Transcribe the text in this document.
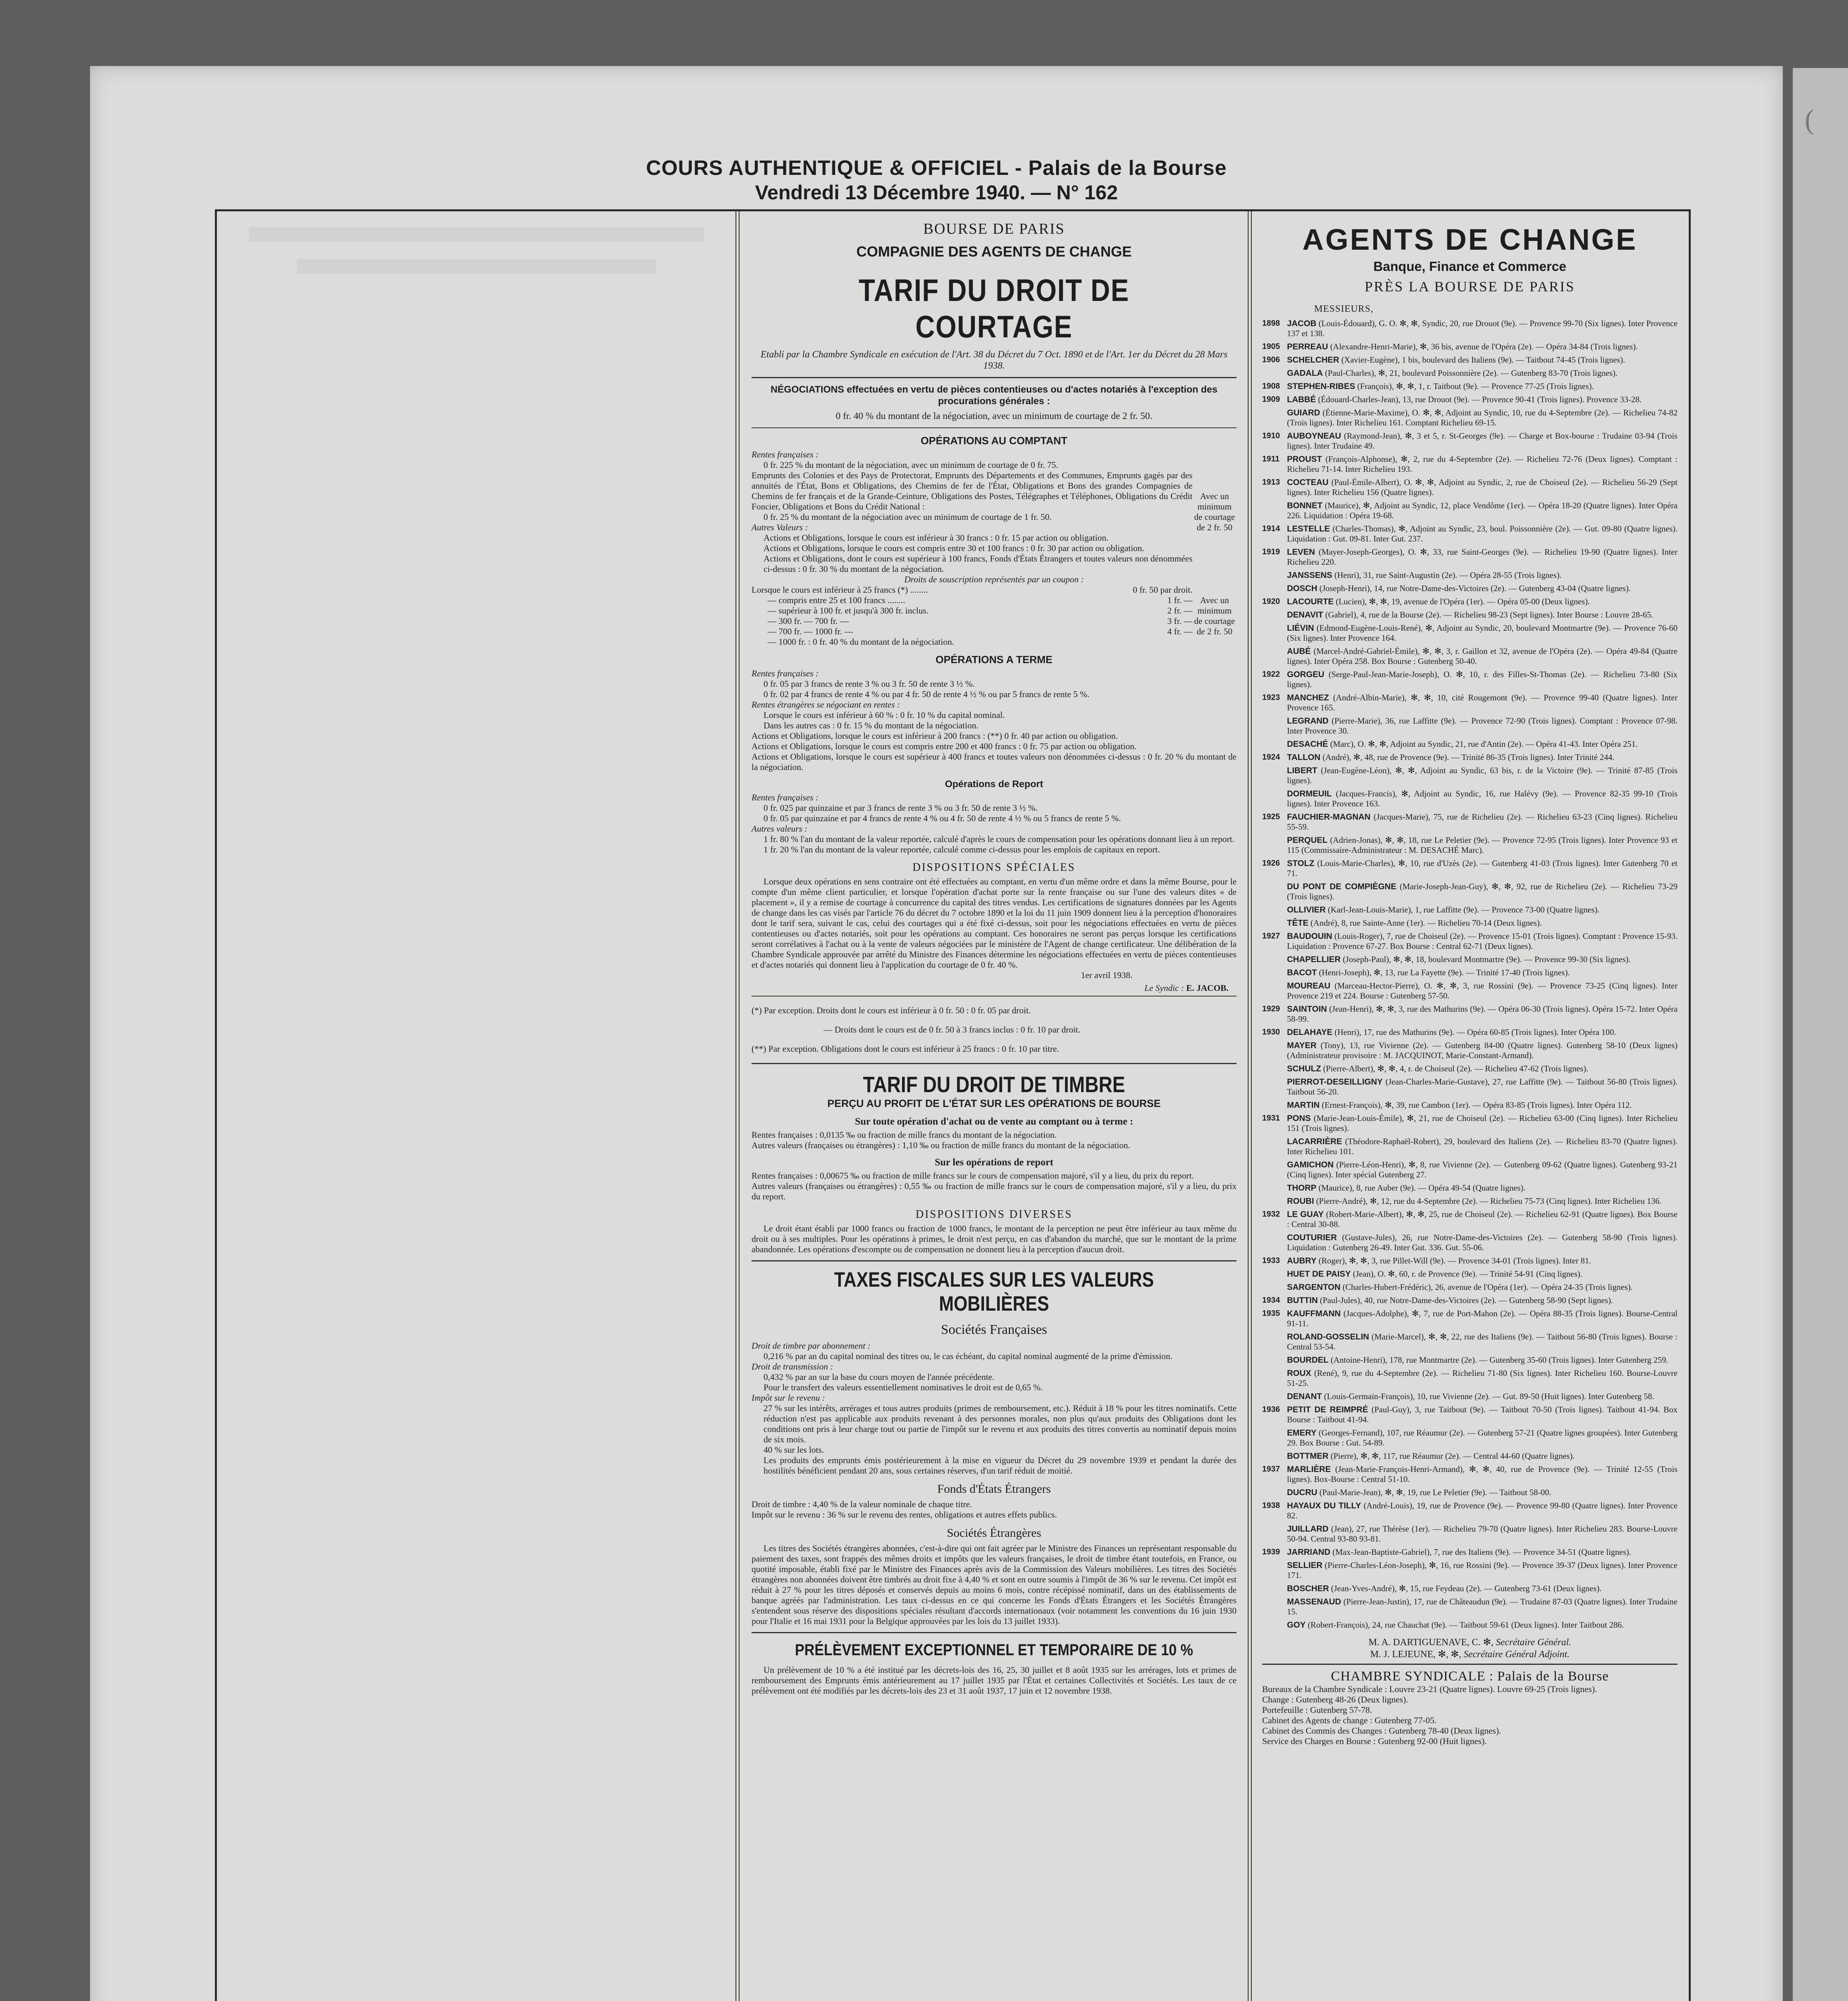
(
COURS AUTHENTIQUE & OFFICIEL - Palais de la Bourse
Vendredi 13 Décembre 1940. — N° 162
BOURSE DE PARIS
COMPAGNIE DES AGENTS DE CHANGE
TARIF DU DROIT DE COURTAGE
Etabli par la Chambre Syndicale en exécution de l'Art. 38 du Décret du 7 Oct. 1890 et de l'Art. 1er du Décret du 28 Mars 1938.
NÉGOCIATIONS effectuées en vertu de pièces contentieuses ou d'actes notariés à l'exception des procurations générales :
0 fr. 40 % du montant de la négociation, avec un minimum de courtage de 2 fr. 50.
OPÉRATIONS AU COMPTANT

Rentes françaises :

0 fr. 225 % du montant de la négociation, avec un minimum de courtage de 0 fr. 75.

Emprunts des Colonies et des Pays de Protectorat, Emprunts des Départements et des Communes, Emprunts gagés par des annuités de l'État, Bons et Obligations, des Chemins de fer de l'État, Obligations et Bons des grandes Compagnies de Chemins de fer français et de la Grande-Ceinture, Obligations des Postes, Télégraphes et Téléphones, Obligations du Crédit Foncier, Obligations et Bons du Crédit National :

0 fr. 25 % du montant de la négociation avec un minimum de courtage de 1 fr. 50.

Autres Valeurs :

Actions et Obligations, lorsque le cours est inférieur à 30 francs : 0 fr. 15 par action ou obligation.

Actions et Obligations, lorsque le cours est compris entre 30 et 100 francs : 0 fr. 30 par action ou obligation.

Actions et Obligations, dont le cours est supérieur à 100 francs, Fonds d'États Étrangers et toutes valeurs non dénommées ci-dessus : 0 fr. 30 % du montant de la négociation.

Avec un minimum de courtage de 2 fr. 50

Droits de souscription représentés par un coupon :

Lorsque le cours est inférieur à 25 francs (*) ........	0 fr. 50 par droit.
— compris entre 25 et 100 francs ........	1 fr. —
— supérieur à 100 fr. et jusqu'à 300 fr. inclus.	2 fr. —
— 300 fr. — 700 fr. —	3 fr. —
— 700 fr. — 1000 fr. —	4 fr. —
— 1000 fr. : 0 fr. 40 % du montant de la négociation.
Avec un minimum de courtage de 2 fr. 50
OPÉRATIONS A TERME

Rentes françaises :

0 fr. 05 par 3 francs de rente 3 % ou 3 fr. 50 de rente 3 ½ %.

0 fr. 02 par 4 francs de rente 4 % ou par 4 fr. 50 de rente 4 ½ % ou par 5 francs de rente 5 %.

Rentes étrangères se négociant en rentes :

Lorsque le cours est inférieur à 60 % : 0 fr. 10 % du capital nominal.

Dans les autres cas : 0 fr. 15 % du montant de la négociation.

Actions et Obligations, lorsque le cours est inférieur à 200 francs : (**) 0 fr. 40 par action ou obligation.

Actions et Obligations, lorsque le cours est compris entre 200 et 400 francs : 0 fr. 75 par action ou obligation.

Actions et Obligations, lorsque le cours est supérieur à 400 francs et toutes valeurs non dénommées ci-dessus : 0 fr. 20 % du montant de la négociation.

Opérations de Report

Rentes françaises :

0 fr. 025 par quinzaine et par 3 francs de rente 3 % ou 3 fr. 50 de rente 3 ½ %.

0 fr. 05 par quinzaine et par 4 francs de rente 4 % ou 4 fr. 50 de rente 4 ½ % ou 5 francs de rente 5 %.

Autres valeurs :

1 fr. 80 % l'an du montant de la valeur reportée, calculé d'après le cours de compensation pour les opérations donnant lieu à un report.

1 fr. 20 % l'an du montant de la valeur reportée, calculé comme ci-dessus pour les emplois de capitaux en report.

DISPOSITIONS SPÉCIALES

Lorsque deux opérations en sens contraire ont été effectuées au comptant, en vertu d'un même ordre et dans la même Bourse, pour le compte d'un même client particulier, et lorsque l'opération d'achat porte sur la rente française ou sur l'une des valeurs dites « de placement », il y a remise de courtage à concurrence du capital des titres vendus. Les certifications de signatures données par les Agents de change dans les cas visés par l'article 76 du décret du 7 octobre 1890 et la loi du 11 juin 1909 donnent lieu à la perception d'honoraires dont le tarif sera, suivant le cas, celui des courtages qui a été fixé ci-dessus, soit pour les négociations effectuées en vertu de pièces contentieuses ou d'actes notariés, soit pour les opérations au comptant. Ces honoraires ne seront pas perçus lorsque les certifications seront corrélatives à l'achat ou à la vente de valeurs négociées par le ministère de l'Agent de change certificateur. Une délibération de la Chambre Syndicale approuvée par arrêté du Ministre des Finances détermine les négociations effectuées en vertu de pièces contentieuses et d'actes notariés qui donnent lieu à l'application du courtage de 0 fr. 40 %.

1er avril 1938.
Le Syndic : E. JACOB.

(*) Par exception. Droits dont le cours est inférieur à 0 fr. 50 : 0 fr. 05 par droit.

— Droits dont le cours est de 0 fr. 50 à 3 francs inclus : 0 fr. 10 par droit.

(**) Par exception. Obligations dont le cours est inférieur à 25 francs : 0 fr. 10 par titre.

TARIF DU DROIT DE TIMBRE
PERÇU AU PROFIT DE L'ÉTAT SUR LES OPÉRATIONS DE BOURSE
Sur toute opération d'achat ou de vente au comptant ou à terme :

Rentes françaises : 0,0135 ‰ ou fraction de mille francs du montant de la négociation.

Autres valeurs (françaises ou étrangères) : 1,10 ‰ ou fraction de mille francs du montant de la négociation.

Sur les opérations de report

Rentes françaises : 0,00675 ‰ ou fraction de mille francs sur le cours de compensation majoré, s'il y a lieu, du prix du report.

Autres valeurs (françaises ou étrangères) : 0,55 ‰ ou fraction de mille francs sur le cours de compensation majoré, s'il y a lieu, du prix du report.

DISPOSITIONS DIVERSES

Le droit étant établi par 1000 francs ou fraction de 1000 francs, le montant de la perception ne peut être inférieur au taux même du droit ou à ses multiples. Pour les opérations à primes, le droit n'est perçu, en cas d'abandon du marché, que sur le montant de la prime abandonnée. Les opérations d'escompte ou de compensation ne donnent lieu à la perception d'aucun droit.

TAXES FISCALES SUR LES VALEURS MOBILIÈRES
Sociétés Françaises

Droit de timbre par abonnement :

0,216 % par an du capital nominal des titres ou, le cas échéant, du capital nominal augmenté de la prime d'émission.

Droit de transmission :

0,432 % par an sur la base du cours moyen de l'année précédente.

Pour le transfert des valeurs essentiellement nominatives le droit est de 0,65 %.

Impôt sur le revenu :

27 % sur les intérêts, arrérages et tous autres produits (primes de remboursement, etc.). Réduit à 18 % pour les titres nominatifs. Cette réduction n'est pas applicable aux produits revenant à des personnes morales, non plus qu'aux produits des Obligations dont les conditions ont pris à leur charge tout ou partie de l'impôt sur le revenu et aux produits des titres convertis au nominatif depuis moins de six mois.

40 % sur les lots.

Les produits des emprunts émis postérieurement à la mise en vigueur du Décret du 29 novembre 1939 et pendant la durée des hostilités bénéficient pendant 20 ans, sous certaines réserves, d'un tarif réduit de moitié.

Fonds d'États Étrangers

Droit de timbre : 4,40 % de la valeur nominale de chaque titre.

Impôt sur le revenu : 36 % sur le revenu des rentes, obligations et autres effets publics.

Sociétés Étrangères

Les titres des Sociétés étrangères abonnées, c'est-à-dire qui ont fait agréer par le Ministre des Finances un représentant responsable du paiement des taxes, sont frappés des mêmes droits et impôts que les valeurs françaises, le droit de timbre étant toutefois, en France, ou quotité imposable, établi fixé par le Ministre des Finances après avis de la Commission des Valeurs mobilières. Les titres des Sociétés étrangères non abonnées doivent être timbrés au droit fixe à 4,40 % et sont en outre soumis à l'impôt de 36 % sur le revenu. Cet impôt est réduit à 27 % pour les titres déposés et conservés depuis au moins 6 mois, contre récépissé nominatif, dans un des établissements de banque agréés par l'administration. Les taux ci-dessus en ce qui concerne les Fonds d'États Étrangers et les Sociétés Étrangères s'entendent sous réserve des dispositions spéciales résultant d'accords internationaux (voir notamment les conventions du 16 juin 1930 pour l'Italie et 16 mai 1931 pour la Belgique approuvées par les lois du 13 juillet 1933).

PRÉLÈVEMENT EXCEPTIONNEL ET TEMPORAIRE DE 10 %

Un prélèvement de 10 % a été institué par les décrets-lois des 16, 25, 30 juillet et 8 août 1935 sur les arrérages, lots et primes de remboursement des Emprunts émis antérieurement au 17 juillet 1935 par l'État et certaines Collectivités et Sociétés. Les taux de ce prélèvement ont été modifiés par les décrets-lois des 23 et 31 août 1937, 17 juin et 12 novembre 1938.

AGENTS DE CHANGE
Banque, Finance et Commerce
PRÈS LA BOURSE DE PARIS
MESSIEURS,
1898 JACOB (Louis-Édouard), G. O. ✻, ✻, Syndic, 20, rue Drouot (9e). — Provence 99-70 (Six lignes). Inter Provence 137 et 138.
1905 PERREAU (Alexandre-Henri-Marie), ✻, 36 bis, avenue de l'Opéra (2e). — Opéra 34-84 (Trois lignes).
1906 SCHELCHER (Xavier-Eugène), 1 bis, boulevard des Italiens (9e). — Taitbout 74-45 (Trois lignes).
GADALA (Paul-Charles), ✻, 21, boulevard Poissonnière (2e). — Gutenberg 83-70 (Trois lignes).
1908 STEPHEN-RIBES (François), ✻, ✻, 1, r. Taitbout (9e). — Provence 77-25 (Trois lignes).
1909 LABBÉ (Édouard-Charles-Jean), 13, rue Drouot (9e). — Provence 90-41 (Trois lignes). Provence 33-28.
GUIARD (Étienne-Marie-Maxime), O. ✻, ✻, Adjoint au Syndic, 10, rue du 4-Septembre (2e). — Richelieu 74-82 (Trois lignes). Inter Richelieu 161. Comptant Richelieu 69-15.
1910 AUBOYNEAU (Raymond-Jean), ✻, 3 et 5, r. St-Georges (9e). — Charge et Box-bourse : Trudaine 03-94 (Trois lignes). Inter Trudaine 49.
1911 PROUST (François-Alphonse), ✻, 2, rue du 4-Septembre (2e). — Richelieu 72-76 (Deux lignes). Comptant : Richelieu 71-14. Inter Richelieu 193.
1913 COCTEAU (Paul-Émile-Albert), O. ✻, ✻, Adjoint au Syndic, 2, rue de Choiseul (2e). — Richelieu 56-29 (Sept lignes). Inter Richelieu 156 (Quatre lignes).
BONNET (Maurice), ✻, Adjoint au Syndic, 12, place Vendôme (1er). — Opéra 18-20 (Quatre lignes). Inter Opéra 226. Liquidation : Opéra 19-68.
1914 LESTELLE (Charles-Thomas), ✻, Adjoint au Syndic, 23, boul. Poissonnière (2e). — Gut. 09-80 (Quatre lignes). Liquidation : Gut. 09-81. Inter Gut. 237.
1919 LEVEN (Mayer-Joseph-Georges), O. ✻, 33, rue Saint-Georges (9e). — Richelieu 19-90 (Quatre lignes). Inter Richelieu 220.
JANSSENS (Henri), 31, rue Saint-Augustin (2e). — Opéra 28-55 (Trois lignes).
DOSCH (Joseph-Henri), 14, rue Notre-Dame-des-Victoires (2e). — Gutenberg 43-04 (Quatre lignes).
1920 LACOURTE (Lucien), ✻, ✻, 19, avenue de l'Opéra (1er). — Opéra 05-00 (Deux lignes).
DENAVIT (Gabriel), 4, rue de la Bourse (2e). — Richelieu 98-23 (Sept lignes). Inter Bourse : Louvre 28-65.
LIÉVIN (Edmond-Eugène-Louis-René), ✻, Adjoint au Syndic, 20, boulevard Montmartre (9e). — Provence 76-60 (Six lignes). Inter Provence 164.
AUBÉ (Marcel-André-Gabriel-Émile), ✻, ✻, 3, r. Gaillon et 32, avenue de l'Opéra (2e). — Opéra 49-84 (Quatre lignes). Inter Opéra 258. Box Bourse : Gutenberg 50-40.
1922 GORGEU (Serge-Paul-Jean-Marie-Joseph), O. ✻, 10, r. des Filles-St-Thomas (2e). — Richelieu 73-80 (Six lignes).
1923 MANCHEZ (André-Albin-Marie), ✻, ✻, 10, cité Rougemont (9e). — Provence 99-40 (Quatre lignes). Inter Provence 165.
LEGRAND (Pierre-Marie), 36, rue Laffitte (9e). — Provence 72-90 (Trois lignes). Comptant : Provence 07-98. Inter Provence 30.
DESACHÉ (Marc), O. ✻, ✻, Adjoint au Syndic, 21, rue d'Antin (2e). — Opéra 41-43. Inter Opéra 251.
1924 TALLON (André), ✻, 48, rue de Provence (9e). — Trinité 86-35 (Trois lignes). Inter Trinité 244.
LIBERT (Jean-Eugène-Léon), ✻, ✻, Adjoint au Syndic, 63 bis, r. de la Victoire (9e). — Trinité 87-85 (Trois lignes).
DORMEUIL (Jacques-Francis), ✻, Adjoint au Syndic, 16, rue Halévy (9e). — Provence 82-35 99-10 (Trois lignes). Inter Provence 163.
1925 FAUCHIER-MAGNAN (Jacques-Marie), 75, rue de Richelieu (2e). — Richelieu 63-23 (Cinq lignes). Richelieu 55-59.
PERQUEL (Adrien-Jonas), ✻, ✻, 18, rue Le Peletier (9e). — Provence 72-95 (Trois lignes). Inter Provence 93 et 115 (Commissaire-Administrateur : M. DESACHÉ Marc).
1926 STOLZ (Louis-Marie-Charles), ✻, 10, rue d'Uzès (2e). — Gutenberg 41-03 (Trois lignes). Inter Gutenberg 70 et 71.
DU PONT DE COMPIÈGNE (Marie-Joseph-Jean-Guy), ✻, ✻, 92, rue de Richelieu (2e). — Richelieu 73-29 (Trois lignes).
OLLIVIER (Karl-Jean-Louis-Marie), 1, rue Laffitte (9e). — Provence 73-00 (Quatre lignes).
TÊTE (André), 8, rue Sainte-Anne (1er). — Richelieu 70-14 (Deux lignes).
1927 BAUDOUIN (Louis-Roger), 7, rue de Choiseul (2e). — Provence 15-01 (Trois lignes). Comptant : Provence 15-93. Liquidation : Provence 67-27. Box Bourse : Central 62-71 (Deux lignes).
CHAPELLIER (Joseph-Paul), ✻, ✻, 18, boulevard Montmartre (9e). — Provence 99-30 (Six lignes).
BACOT (Henri-Joseph), ✻, 13, rue La Fayette (9e). — Trinité 17-40 (Trois lignes).
MOUREAU (Marceau-Hector-Pierre), O. ✻, ✻, 3, rue Rossini (9e). — Provence 73-25 (Cinq lignes). Inter Provence 219 et 224. Bourse : Gutenberg 57-50.
1929 SAINTOIN (Jean-Henri), ✻, ✻, 3, rue des Mathurins (9e). — Opéra 06-30 (Trois lignes). Opéra 15-72. Inter Opéra 58-99.
1930 DELAHAYE (Henri), 17, rue des Mathurins (9e). — Opéra 60-85 (Trois lignes). Inter Opéra 100.
MAYER (Tony), 13, rue Vivienne (2e). — Gutenberg 84-00 (Quatre lignes). Gutenberg 58-10 (Deux lignes) (Administrateur provisoire : M. JACQUINOT, Marie-Constant-Armand).
SCHULZ (Pierre-Albert), ✻, ✻, 4, r. de Choiseul (2e). — Richelieu 47-62 (Trois lignes).
PIERROT-DESEILLIGNY (Jean-Charles-Marie-Gustave), 27, rue Laffitte (9e). — Taitbout 56-80 (Trois lignes). Taitbout 56-20.
MARTIN (Ernest-François), ✻, 39, rue Cambon (1er). — Opéra 83-85 (Trois lignes). Inter Opéra 112.
1931 PONS (Marie-Jean-Louis-Émile), ✻, 21, rue de Choiseul (2e). — Richelieu 63-00 (Cinq lignes). Inter Richelieu 151 (Trois lignes).
LACARRIÈRE (Théodore-Raphaël-Robert), 29, boulevard des Italiens (2e). — Richelieu 83-70 (Quatre lignes). Inter Richelieu 101.
GAMICHON (Pierre-Léon-Henri), ✻, 8, rue Vivienne (2e). — Gutenberg 09-62 (Quatre lignes). Gutenberg 93-21 (Cinq lignes). Inter spécial Gutenberg 27.
THORP (Maurice), 8, rue Auber (9e). — Opéra 49-54 (Quatre lignes).
ROUBI (Pierre-André), ✻, 12, rue du 4-Septembre (2e). — Richelieu 75-73 (Cinq lignes). Inter Richelieu 136.
1932 LE GUAY (Robert-Marie-Albert), ✻, ✻, 25, rue de Choiseul (2e). — Richelieu 62-91 (Quatre lignes). Box Bourse : Central 30-88.
COUTURIER (Gustave-Jules), 26, rue Notre-Dame-des-Victoires (2e). — Gutenberg 58-90 (Trois lignes). Liquidation : Gutenberg 26-49. Inter Gut. 336. Gut. 55-06.
1933 AUBRY (Roger), ✻, ✻, 3, rue Pillet-Will (9e). — Provence 34-01 (Trois lignes). Inter 81.
HUET DE PAISY (Jean), O. ✻, 60, r. de Provence (9e). — Trinité 54-91 (Cinq lignes).
SARGENTON (Charles-Hubert-Frédéric), 26, avenue de l'Opéra (1er). — Opéra 24-35 (Trois lignes).
1934 BUTTIN (Paul-Jules), 40, rue Notre-Dame-des-Victoires (2e). — Gutenberg 58-90 (Sept lignes).
1935 KAUFFMANN (Jacques-Adolphe), ✻, 7, rue de Port-Mahon (2e). — Opéra 88-35 (Trois lignes). Bourse-Central 91-11.
ROLAND-GOSSELIN (Marie-Marcel), ✻, ✻, 22, rue des Italiens (9e). — Taitbout 56-80 (Trois lignes). Bourse : Central 53-54.
BOURDEL (Antoine-Henri), 178, rue Montmartre (2e). — Gutenberg 35-60 (Trois lignes). Inter Gutenberg 259.
ROUX (René), 9, rue du 4-Septembre (2e). — Richelieu 71-80 (Six lignes). Inter Richelieu 160. Bourse-Louvre 51-25.
DENANT (Louis-Germain-François), 10, rue Vivienne (2e). — Gut. 89-50 (Huit lignes). Inter Gutenberg 58.
1936 PETIT DE REIMPRÉ (Paul-Guy), 3, rue Taitbout (9e). — Taitbout 70-50 (Trois lignes). Taitbout 41-94. Box Bourse : Taitbout 41-94.
EMERY (Georges-Fernand), 107, rue Réaumur (2e). — Gutenberg 57-21 (Quatre lignes groupées). Inter Gutenberg 29. Box Bourse : Gut. 54-89.
BOTTMER (Pierre), ✻, ✻, 117, rue Réaumur (2e). — Central 44-60 (Quatre lignes).
1937 MARLIÈRE (Jean-Marie-François-Henri-Armand), ✻, ✻, 40, rue de Provence (9e). — Trinité 12-55 (Trois lignes). Box-Bourse : Central 51-10.
DUCRU (Paul-Marie-Jean), ✻, ✻, 19, rue Le Peletier (9e). — Taitbout 58-00.
1938 HAYAUX DU TILLY (André-Louis), 19, rue de Provence (9e). — Provence 99-80 (Quatre lignes). Inter Provence 82.
JUILLARD (Jean), 27, rue Thérèse (1er). — Richelieu 79-70 (Quatre lignes). Inter Richelieu 283. Bourse-Louvre 50-94. Central 93-80 93-81.
1939 JARRIAND (Max-Jean-Baptiste-Gabriel), 7, rue des Italiens (9e). — Provence 34-51 (Quatre lignes).
SELLIER (Pierre-Charles-Léon-Joseph), ✻, 16, rue Rossini (9e). — Provence 39-37 (Deux lignes). Inter Provence 171.
BOSCHER (Jean-Yves-André), ✻, 15, rue Feydeau (2e). — Gutenberg 73-61 (Deux lignes).
MASSENAUD (Pierre-Jean-Justin), 17, rue de Châteaudun (9e). — Trudaine 87-03 (Quatre lignes). Inter Trudaine 15.
GOY (Robert-François), 24, rue Chauchat (9e). — Taitbout 59-61 (Deux lignes). Inter Taitbout 286.
M. A. DARTIGUENAVE, C. ✻, Secrétaire Général.
M. J. LEJEUNE, ✻, ✻, Secrétaire Général Adjoint.
CHAMBRE SYNDICALE : Palais de la Bourse
Bureaux de la Chambre Syndicale : Louvre 23-21 (Quatre lignes). Louvre 69-25 (Trois lignes).
Change : Gutenberg 48-26 (Deux lignes).
Portefeuille : Gutenberg 57-78.
Cabinet des Agents de change : Gutenberg 77-05.
Cabinet des Commis des Changes : Gutenberg 78-40 (Deux lignes).
Service des Charges en Bourse : Gutenberg 92-00 (Huit lignes).
